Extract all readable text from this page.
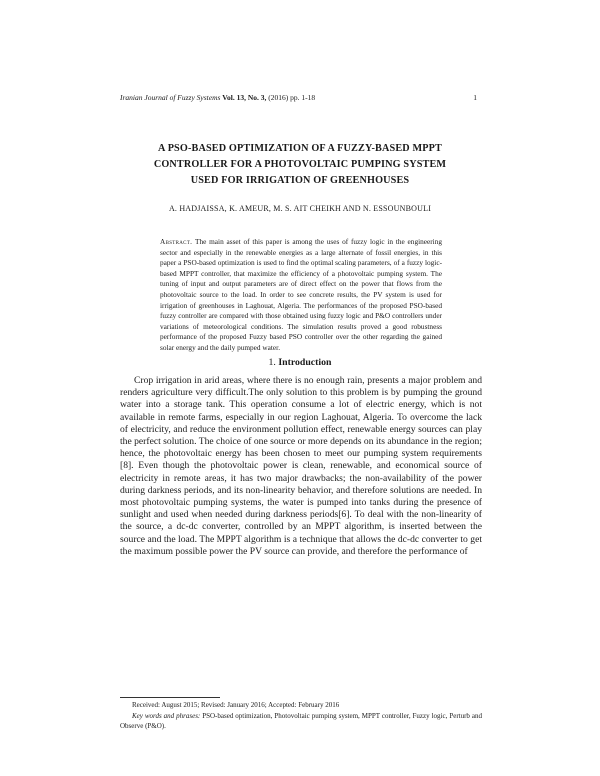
Iranian Journal of Fuzzy Systems Vol. 13, No. 3, (2016) pp. 1-18	1
A PSO-BASED OPTIMIZATION OF A FUZZY-BASED MPPT
CONTROLLER FOR A PHOTOVOLTAIC PUMPING SYSTEM
USED FOR IRRIGATION OF GREENHOUSES
A. HADJAISSA, K. AMEUR, M. S. AIT CHEIKH AND N. ESSOUNBOULI
Abstract. The main asset of this paper is among the uses of fuzzy logic in the engineering sector and especially in the renewable energies as a large alternate of fossil energies, in this paper a PSO-based optimization is used to find the optimal scaling parameters, of a fuzzy logic-based MPPT controller, that maximize the efficiency of a photovoltaic pumping system. The tuning of input and output parameters are of direct effect on the power that flows from the photovoltaic source to the load. In order to see concrete results, the PV system is used for irrigation of greenhouses in Laghouat, Algeria. The performances of the proposed PSO-based fuzzy controller are compared with those obtained using fuzzy logic and P&O controllers under variations of meteorological conditions. The simulation results proved a good robustness performance of the proposed Fuzzy based PSO controller over the other regarding the gained solar energy and the daily pumped water.
1. Introduction

Crop irrigation in arid areas, where there is no enough rain, presents a major problem and renders agriculture very difficult.The only solution to this problem is by pumping the ground water into a storage tank. This operation consume a lot of electric energy, which is not available in remote farms, especially in our region Laghouat, Algeria. To overcome the lack of electricity, and reduce the environment pollution effect, renewable energy sources can play the perfect solution. The choice of one source or more depends on its abundance in the region; hence, the photovoltaic energy has been chosen to meet our pumping system requirements [8]. Even though the photovoltaic power is clean, renewable, and economical source of electricity in remote areas, it has two major drawbacks; the non-availability of the power during darkness periods, and its non-linearity behavior, and therefore solutions are needed. In most photovoltaic pumping systems, the water is pumped into tanks during the presence of sunlight and used when needed during darkness periods[6]. To deal with the non-linearity of the source, a dc-dc converter, controlled by an MPPT algorithm, is inserted between the source and the load. The MPPT algorithm is a technique that allows the dc-dc converter to get the maximum possible power the PV source can provide, and therefore the performance of

Received: August 2015; Revised: January 2016; Accepted: February 2016
Key words and phrases: PSO-based optimization, Photovoltaic pumping system, MPPT controller, Fuzzy logic, Perturb and Observe (P&O).
